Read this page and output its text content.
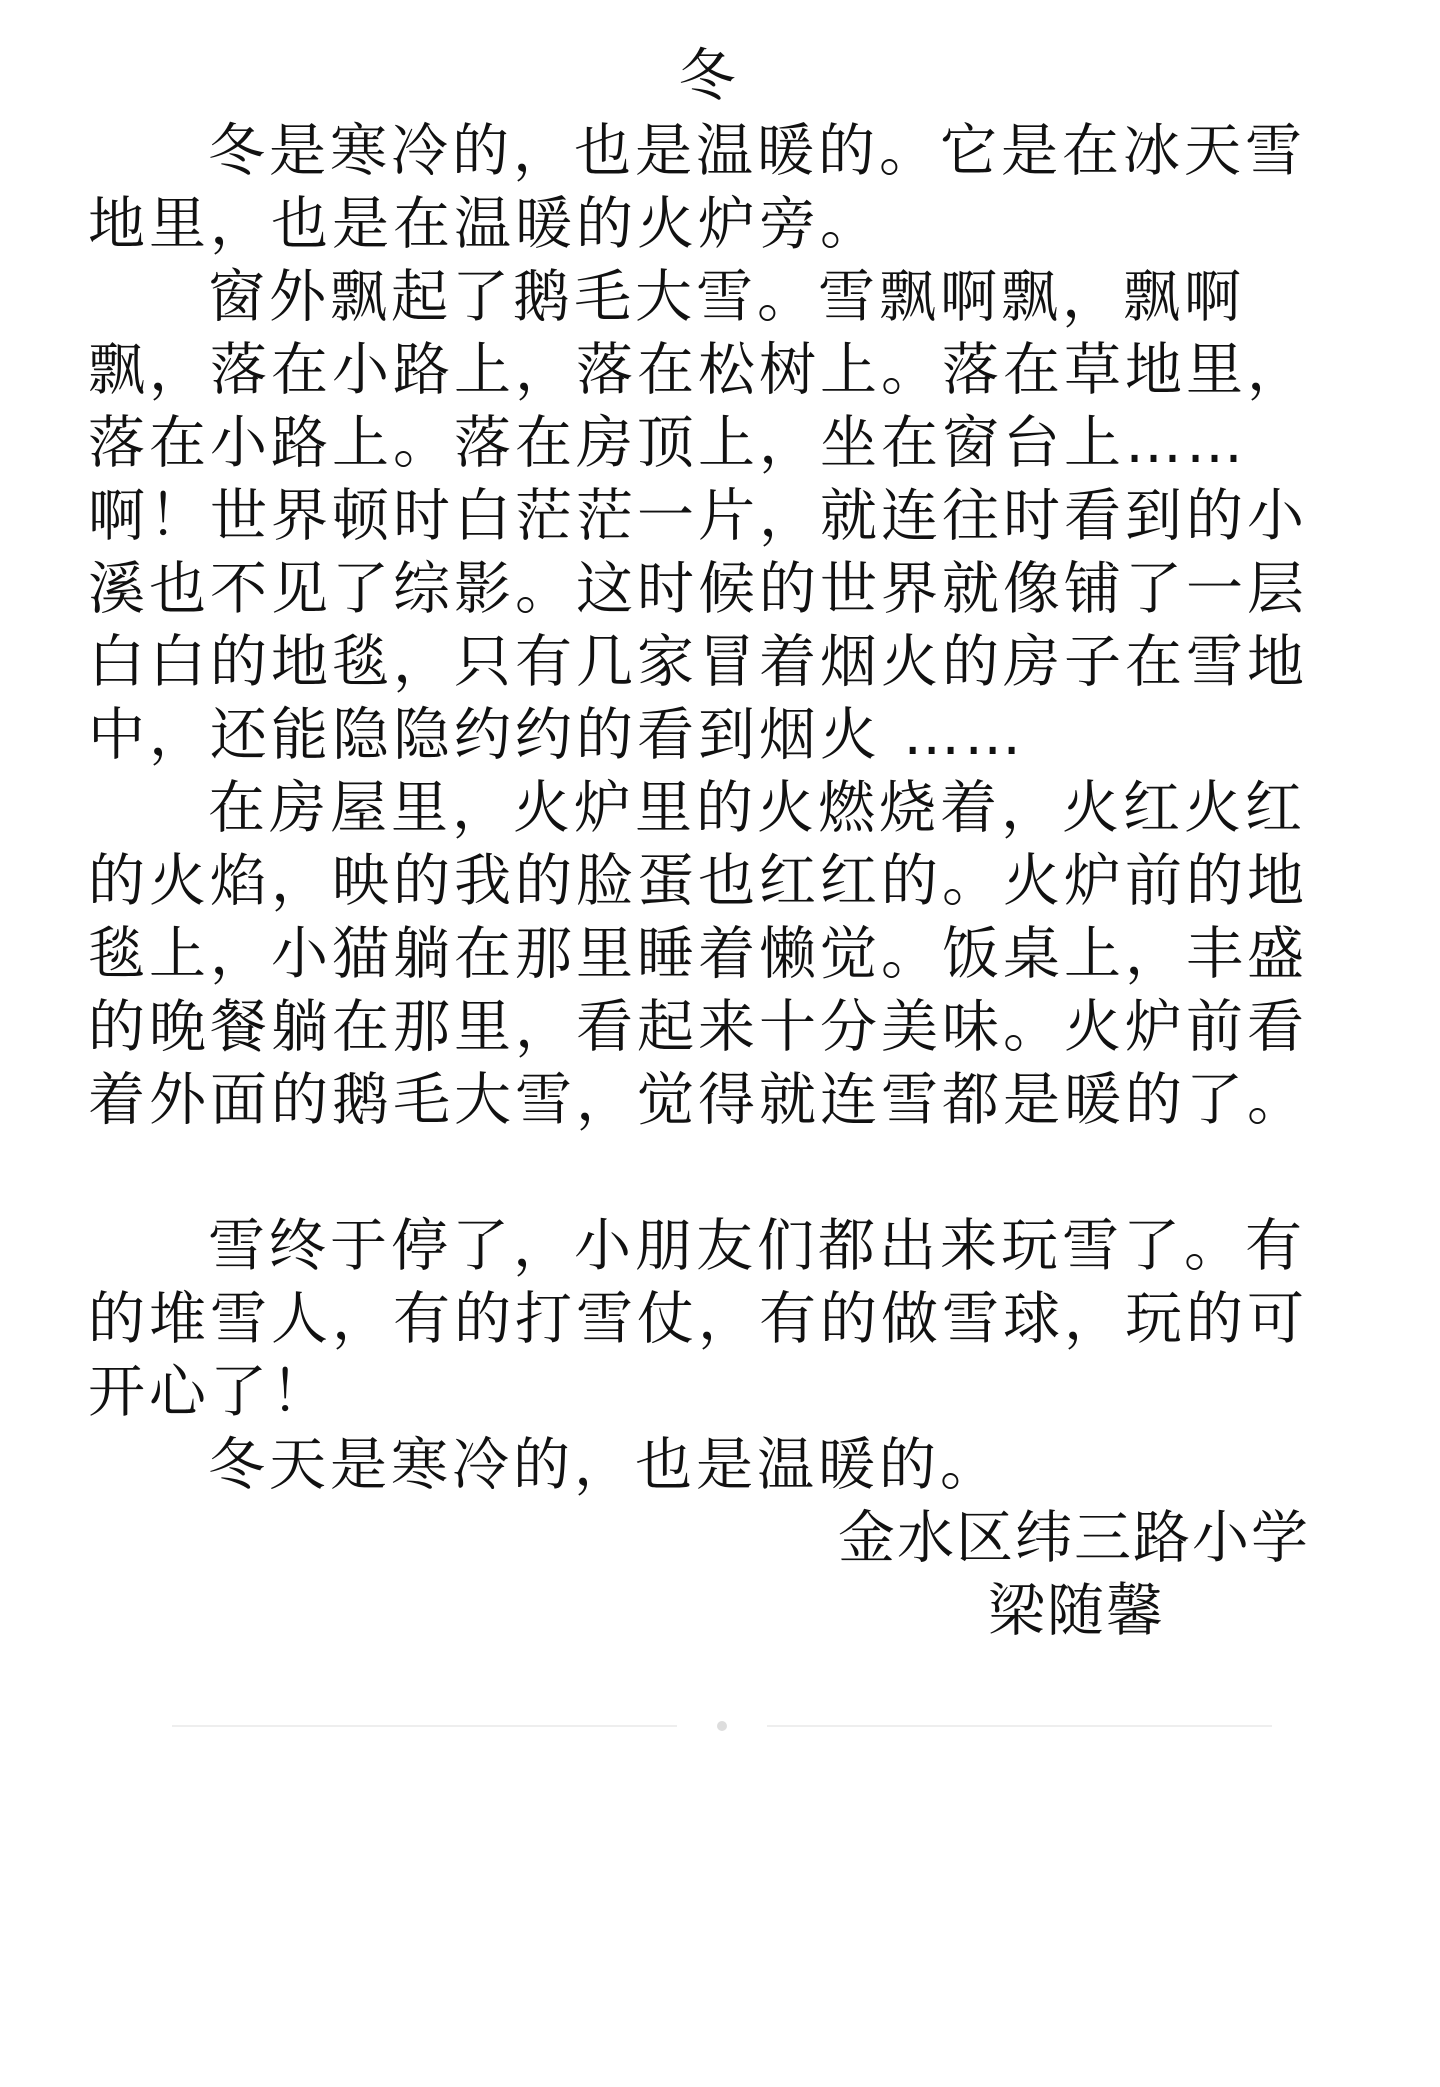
冬

冬是寒冷的，也是温暖的。它是在冰天雪地里，也是在温暖的火炉旁。

窗外飘起了鹅毛大雪。雪飘啊飘，飘啊飘，落在小路上，落在松树上。落在草地里，落在小路上。落在房顶上，坐在窗台上……啊！世界顿时白茫茫一片，就连往时看到的小溪也不见了综影。这时候的世界就像铺了一层白白的地毯，只有几家冒着烟火的房子在雪地中，还能隐隐约约的看到烟火 ……

在房屋里，火炉里的火燃烧着，火红火红的火焰，映的我的脸蛋也红红的。火炉前的地毯上，小猫躺在那里睡着懒觉。饭桌上，丰盛的晚餐躺在那里，看起来十分美味。火炉前看着外面的鹅毛大雪，觉得就连雪都是暖的了。

雪终于停了，小朋友们都出来玩雪了。有的堆雪人，有的打雪仗，有的做雪球，玩的可开心了！

冬天是寒冷的，也是温暖的。

金水区纬三路小学

梁随馨
